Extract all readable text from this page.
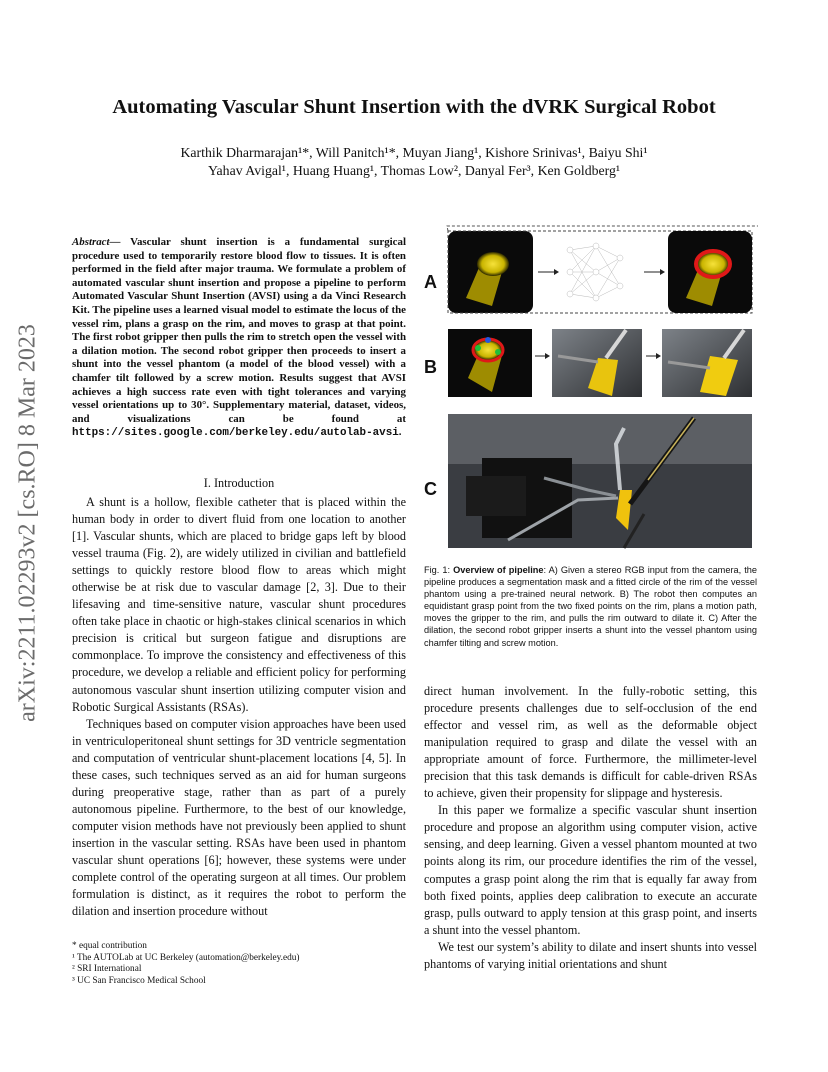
Automating Vascular Shunt Insertion with the dVRK Surgical Robot
Karthik Dharmarajan¹*, Will Panitch¹*, Muyan Jiang¹, Kishore Srinivas¹, Baiyu Shi¹
Yahav Avigal¹, Huang Huang¹, Thomas Low², Danyal Fer³, Ken Goldberg¹
arXiv:2211.02293v2 [cs.RO] 8 Mar 2023
Abstract— Vascular shunt insertion is a fundamental surgical procedure used to temporarily restore blood flow to tissues. It is often performed in the field after major trauma. We formulate a problem of automated vascular shunt insertion and propose a pipeline to perform Automated Vascular Shunt Insertion (AVSI) using a da Vinci Research Kit. The pipeline uses a learned visual model to estimate the locus of the vessel rim, plans a grasp on the rim, and moves to grasp at that point. The first robot gripper then pulls the rim to stretch open the vessel with a dilation motion. The second robot gripper then proceeds to insert a shunt into the vessel phantom (a model of the blood vessel) with a chamfer tilt followed by a screw motion. Results suggest that AVSI achieves a high success rate even with tight tolerances and varying vessel orientations up to 30°. Supplementary material, dataset, videos, and visualizations can be found at https://sites.google.com/berkeley.edu/autolab-avsi.
I. Introduction

A shunt is a hollow, flexible catheter that is placed within the human body in order to divert fluid from one location to another [1]. Vascular shunts, which are placed to bridge gaps left by blood vessel trauma (Fig. 2), are widely utilized in civilian and battlefield settings to quickly restore blood flow to areas which might otherwise be at risk due to vascular damage [2, 3]. Due to their lifesaving and time-sensitive nature, vascular shunt procedures often take place in chaotic or high-stakes clinical scenarios in which precision is critical but surgeon fatigue and disruptions are commonplace. To improve the consistency and effectiveness of this procedure, we develop a reliable and efficient policy for performing autonomous vascular shunt insertion utilizing computer vision and Robotic Surgical Assistants (RSAs).

Techniques based on computer vision approaches have been used in ventriculoperitoneal shunt settings for 3D ventricle segmentation and computation of ventricular shunt-placement locations [4, 5]. In these cases, such techniques served as an aid for human surgeons during preoperative stage, rather than as part of a purely autonomous pipeline. Furthermore, to the best of our knowledge, computer vision methods have not previously been applied to shunt insertion in the vascular setting. RSAs have been used in phantom vascular shunt operations [6]; however, these systems were under complete control of the operating surgeon at all times. Our problem formulation is distinct, as it requires the robot to perform the dilation and insertion procedure without

* equal contribution
¹ The AUTOLab at UC Berkeley (automation@berkeley.edu)
² SRI International
³ UC San Francisco Medical School
A
B
C
Fig. 1: Overview of pipeline: A) Given a stereo RGB input from the camera, the pipeline produces a segmentation mask and a fitted circle of the rim of the vessel phantom using a pre-trained neural network. B) The robot then computes an equidistant grasp point from the two fixed points on the rim, plans a motion path, moves the gripper to the rim, and pulls the rim outward to dilate it. C) After the dilation, the second robot gripper inserts a shunt into the vessel phantom using chamfer tilting and screw motion.

direct human involvement. In the fully-robotic setting, this procedure presents challenges due to self-occlusion of the end effector and vessel rim, as well as the deformable object manipulation required to grasp and dilate the vessel with an appropriate amount of force. Furthermore, the millimeter-level precision that this task demands is difficult for cable-driven RSAs to achieve, given their propensity for slippage and hysteresis.

In this paper we formalize a specific vascular shunt insertion procedure and propose an algorithm using computer vision, active sensing, and deep learning. Given a vessel phantom mounted at two points along its rim, our procedure identifies the rim of the vessel, computes a grasp point along the rim that is equally far away from both fixed points, applies deep calibration to execute an accurate grasp, pulls outward to apply tension at this grasp point, and inserts a shunt into the vessel phantom.

We test our system’s ability to dilate and insert shunts into vessel phantoms of varying initial orientations and shunt
